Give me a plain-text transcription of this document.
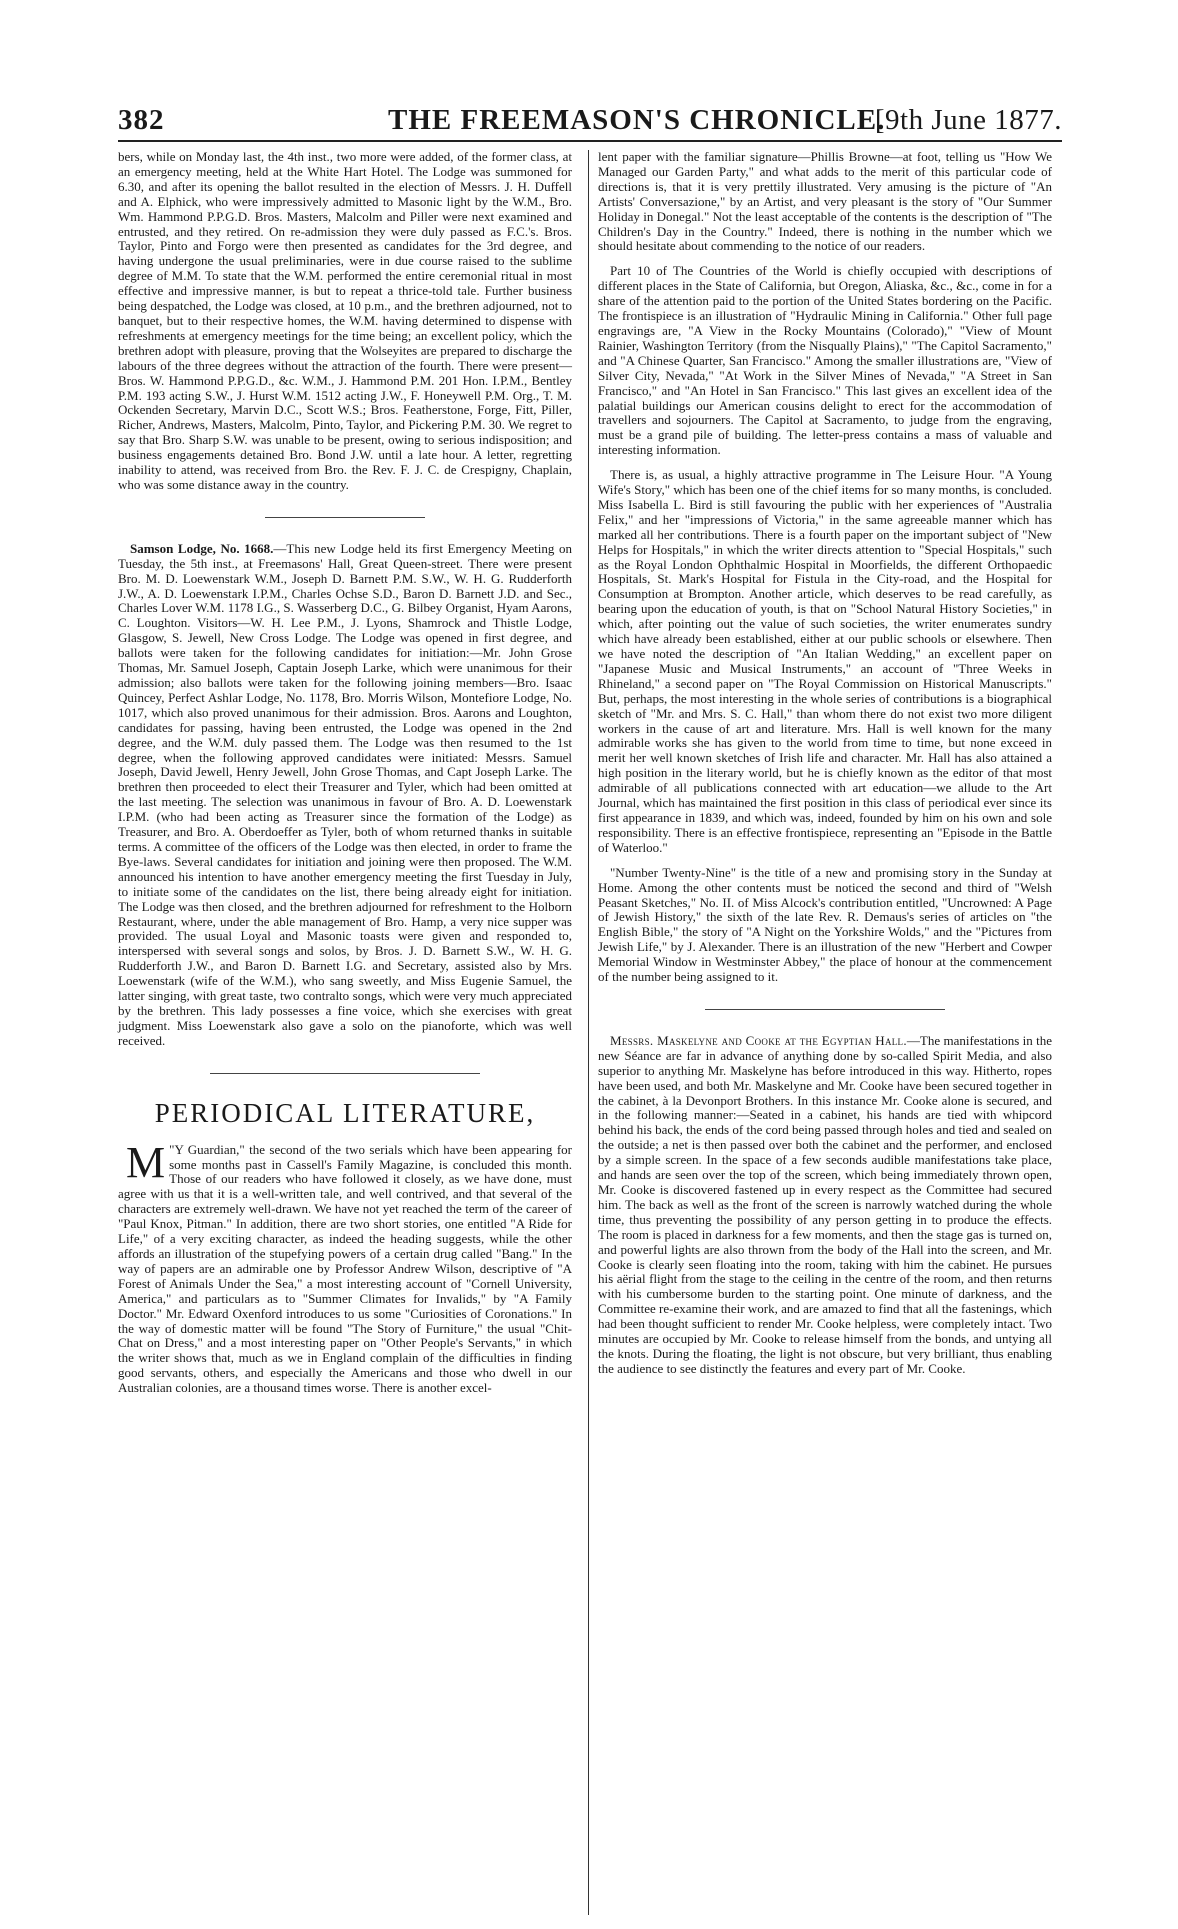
382	THE FREEMASON'S CHRONICLE.
[9th June 1877.

bers, while on Monday last, the 4th inst., two more were added, of the former class, at an emergency meeting, held at the White Hart Hotel. The Lodge was summoned for 6.30, and after its opening the ballot resulted in the election of Messrs. J. H. Duffell and A. Elphick, who were impressively admitted to Masonic light by the W.M., Bro. Wm. Hammond P.P.G.D. Bros. Masters, Malcolm and Piller were next examined and entrusted, and they retired. On re-admission they were duly passed as F.C.'s. Bros. Taylor, Pinto and Forgo were then presented as candidates for the 3rd degree, and having undergone the usual preliminaries, were in due course raised to the sublime degree of M.M. To state that the W.M. performed the entire ceremonial ritual in most effective and impressive manner, is but to repeat a thrice-told tale. Further business being despatched, the Lodge was closed, at 10 p.m., and the brethren adjourned, not to banquet, but to their respective homes, the W.M. having determined to dispense with refreshments at emergency meetings for the time being; an excellent policy, which the brethren adopt with pleasure, proving that the Wolseyites are prepared to discharge the labours of the three degrees without the attraction of the fourth. There were present—Bros. W. Hammond P.P.G.D., &c. W.M., J. Hammond P.M. 201 Hon. I.P.M., Bentley P.M. 193 acting S.W., J. Hurst W.M. 1512 acting J.W., F. Honeywell P.M. Org., T. M. Ockenden Secretary, Marvin D.C., Scott W.S.; Bros. Featherstone, Forge, Fitt, Piller, Richer, Andrews, Masters, Malcolm, Pinto, Taylor, and Pickering P.M. 30. We regret to say that Bro. Sharp S.W. was unable to be present, owing to serious indisposition; and business engagements detained Bro. Bond J.W. until a late hour. A letter, regretting inability to attend, was received from Bro. the Rev. F. J. C. de Crespigny, Chaplain, who was some distance away in the country.

Samson Lodge, No. 1668.—This new Lodge held its first Emergency Meeting on Tuesday, the 5th inst., at Freemasons' Hall, Great Queen-street. There were present Bro. M. D. Loewenstark W.M., Joseph D. Barnett P.M. S.W., W. H. G. Rudderforth J.W., A. D. Loewenstark I.P.M., Charles Ochse S.D., Baron D. Barnett J.D. and Sec., Charles Lover W.M. 1178 I.G., S. Wasserberg D.C., G. Bilbey Organist, Hyam Aarons, C. Loughton. Visitors—W. H. Lee P.M., J. Lyons, Shamrock and Thistle Lodge, Glasgow, S. Jewell, New Cross Lodge. The Lodge was opened in first degree, and ballots were taken for the following candidates for initiation:—Mr. John Grose Thomas, Mr. Samuel Joseph, Captain Joseph Larke, which were unanimous for their admission; also ballots were taken for the following joining members—Bro. Isaac Quincey, Perfect Ashlar Lodge, No. 1178, Bro. Morris Wilson, Montefiore Lodge, No. 1017, which also proved unanimous for their admission. Bros. Aarons and Loughton, candidates for passing, having been entrusted, the Lodge was opened in the 2nd degree, and the W.M. duly passed them. The Lodge was then resumed to the 1st degree, when the following approved candidates were initiated: Messrs. Samuel Joseph, David Jewell, Henry Jewell, John Grose Thomas, and Capt Joseph Larke. The brethren then proceeded to elect their Treasurer and Tyler, which had been omitted at the last meeting. The selection was unanimous in favour of Bro. A. D. Loewenstark I.P.M. (who had been acting as Treasurer since the formation of the Lodge) as Treasurer, and Bro. A. Oberdoeffer as Tyler, both of whom returned thanks in suitable terms. A committee of the officers of the Lodge was then elected, in order to frame the Bye-laws. Several candidates for initiation and joining were then proposed. The W.M. announced his intention to have another emergency meeting the first Tuesday in July, to initiate some of the candidates on the list, there being already eight for initiation. The Lodge was then closed, and the brethren adjourned for refreshment to the Holborn Restaurant, where, under the able management of Bro. Hamp, a very nice supper was provided. The usual Loyal and Masonic toasts were given and responded to, interspersed with several songs and solos, by Bros. J. D. Barnett S.W., W. H. G. Rudderforth J.W., and Baron D. Barnett I.G. and Secretary, assisted also by Mrs. Loewenstark (wife of the W.M.), who sang sweetly, and Miss Eugenie Samuel, the latter singing, with great taste, two contralto songs, which were very much appreciated by the brethren. This lady possesses a fine voice, which she exercises with great judgment. Miss Loewenstark also gave a solo on the pianoforte, which was well received.

PERIODICAL LITERATURE,

"
M Y Guardian," the second of the two serials which have been appearing for some months past in Cassell's Family Magazine, is concluded this month. Those of our readers who have followed it closely, as we have done, must agree with us that it is a well-written tale, and well contrived, and that several of the characters are extremely well-drawn. We have not yet reached the term of the career of "Paul Knox, Pitman." In addition, there are two short stories, one entitled "A Ride for Life," of a very exciting character, as indeed the heading suggests, while the other affords an illustration of the stupefying powers of a certain drug called "Bang." In the way of papers are an admirable one by Professor Andrew Wilson, descriptive of "A Forest of Animals Under the Sea," a most interesting account of "Cornell University, America," and particulars as to "Summer Climates for Invalids," by "A Family Doctor." Mr. Edward Oxenford introduces to us some "Curiosities of Coronations." In the way of domestic matter will be found "The Story of Furniture," the usual "Chit-Chat on Dress," and a most interesting paper on "Other People's Servants," in which the writer shows that, much as we in England complain of the difficulties in finding good servants, others, and especially the Americans and those who dwell in our Australian colonies, are a thousand times worse. There is another excel-

lent paper with the familiar signature—Phillis Browne—at foot, telling us "How We Managed our Garden Party," and what adds to the merit of this particular code of directions is, that it is very prettily illustrated. Very amusing is the picture of "An Artists' Conversazione," by an Artist, and very pleasant is the story of "Our Summer Holiday in Donegal." Not the least acceptable of the contents is the description of "The Children's Day in the Country." Indeed, there is nothing in the number which we should hesitate about commending to the notice of our readers.

Part 10 of The Countries of the World is chiefly occupied with descriptions of different places in the State of California, but Oregon, Aliaska, &c., &c., come in for a share of the attention paid to the portion of the United States bordering on the Pacific. The frontispiece is an illustration of "Hydraulic Mining in California." Other full page engravings are, "A View in the Rocky Mountains (Colorado)," "View of Mount Rainier, Washington Territory (from the Nisqually Plains)," "The Capitol Sacramento," and "A Chinese Quarter, San Francisco." Among the smaller illustrations are, "View of Silver City, Nevada," "At Work in the Silver Mines of Nevada," "A Street in San Francisco," and "An Hotel in San Francisco." This last gives an excellent idea of the palatial buildings our American cousins delight to erect for the accommodation of travellers and sojourners. The Capitol at Sacramento, to judge from the engraving, must be a grand pile of building. The letter-press contains a mass of valuable and interesting information.

There is, as usual, a highly attractive programme in The Leisure Hour. "A Young Wife's Story," which has been one of the chief items for so many months, is concluded. Miss Isabella L. Bird is still favouring the public with her experiences of "Australia Felix," and her "impressions of Victoria," in the same agreeable manner which has marked all her contributions. There is a fourth paper on the important subject of "New Helps for Hospitals," in which the writer directs attention to "Special Hospitals," such as the Royal London Ophthalmic Hospital in Moorfields, the different Orthopaedic Hospitals, St. Mark's Hospital for Fistula in the City-road, and the Hospital for Consumption at Brompton. Another article, which deserves to be read carefully, as bearing upon the education of youth, is that on "School Natural History Societies," in which, after pointing out the value of such societies, the writer enumerates sundry which have already been established, either at our public schools or elsewhere. Then we have noted the description of "An Italian Wedding," an excellent paper on "Japanese Music and Musical Instruments," an account of "Three Weeks in Rhineland," a second paper on "The Royal Commission on Historical Manuscripts." But, perhaps, the most interesting in the whole series of contributions is a biographical sketch of "Mr. and Mrs. S. C. Hall," than whom there do not exist two more diligent workers in the cause of art and literature. Mrs. Hall is well known for the many admirable works she has given to the world from time to time, but none exceed in merit her well known sketches of Irish life and character. Mr. Hall has also attained a high position in the literary world, but he is chiefly known as the editor of that most admirable of all publications connected with art education—we allude to the Art Journal, which has maintained the first position in this class of periodical ever since its first appearance in 1839, and which was, indeed, founded by him on his own and sole responsibility. There is an effective frontispiece, representing an "Episode in the Battle of Waterloo."

"Number Twenty-Nine" is the title of a new and promising story in the Sunday at Home. Among the other contents must be noticed the second and third of "Welsh Peasant Sketches," No. II. of Miss Alcock's contribution entitled, "Uncrowned: A Page of Jewish History," the sixth of the late Rev. R. Demaus's series of articles on "the English Bible," the story of "A Night on the Yorkshire Wolds," and the "Pictures from Jewish Life," by J. Alexander. There is an illustration of the new "Herbert and Cowper Memorial Window in Westminster Abbey," the place of honour at the commencement of the number being assigned to it.

Messrs. Maskelyne and Cooke at the Egyptian Hall.—The manifestations in the new Séance are far in advance of anything done by so-called Spirit Media, and also superior to anything Mr. Maskelyne has before introduced in this way. Hitherto, ropes have been used, and both Mr. Maskelyne and Mr. Cooke have been secured together in the cabinet, à la Devonport Brothers. In this instance Mr. Cooke alone is secured, and in the following manner:—Seated in a cabinet, his hands are tied with whipcord behind his back, the ends of the cord being passed through holes and tied and sealed on the outside; a net is then passed over both the cabinet and the performer, and enclosed by a simple screen. In the space of a few seconds audible manifestations take place, and hands are seen over the top of the screen, which being immediately thrown open, Mr. Cooke is discovered fastened up in every respect as the Committee had secured him. The back as well as the front of the screen is narrowly watched during the whole time, thus preventing the possibility of any person getting in to produce the effects. The room is placed in darkness for a few moments, and then the stage gas is turned on, and powerful lights are also thrown from the body of the Hall into the screen, and Mr. Cooke is clearly seen floating into the room, taking with him the cabinet. He pursues his aërial flight from the stage to the ceiling in the centre of the room, and then returns with his cumbersome burden to the starting point. One minute of darkness, and the Committee re-examine their work, and are amazed to find that all the fastenings, which had been thought sufficient to render Mr. Cooke helpless, were completely intact. Two minutes are occupied by Mr. Cooke to release himself from the bonds, and untying all the knots. During the floating, the light is not obscure, but very brilliant, thus enabling the audience to see distinctly the features and every part of Mr. Cooke.
